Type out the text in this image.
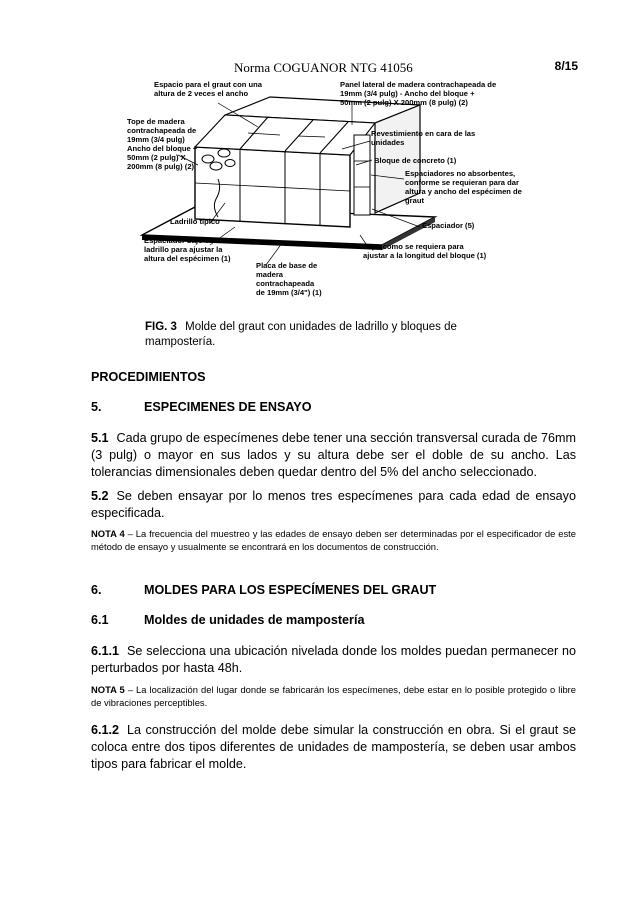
Norma COGUANOR NTG 41056	8/15
Espacio para el graut con una altura de 2 veces el ancho
Panel lateral de madera contrachapeada de 19mm (3/4 pulg) - Ancho del bloque + 50mm (2 pulg) X 200mm (8 pulg) (2)
Tope de madera contrachapeada de 19mm (3/4 pulg) Ancho del bloque + 50mm (2 pulg) X 200mm (8 pulg) (2)
Revestimiento en cara de las unidades
Bloque de concreto (1)
Espaciadores no absorbentes, conforme se requieran para dar altura y ancho del espécimen de graut
Ladrillo típico	Espaciador (5)
Espaciador bajo el ladrillo para ajustar la altura del espécimen (1)
Tope como se requiera para ajustar a la longitud del bloque (1)
Placa de base de madera contrachapeada de 19mm (3/4") (1)
FIG. 3 Molde del graut con unidades de ladrillo y bloques de mampostería.
PROCEDIMIENTOS
5.	ESPECIMENES DE ENSAYO
5.1 Cada grupo de especímenes debe tener una sección transversal curada de 76mm (3 pulg) o mayor en sus lados y su altura debe ser el doble de su ancho. Las tolerancias dimensionales deben quedar dentro del 5% del ancho seleccionado.
5.2 Se deben ensayar por lo menos tres especímenes para cada edad de ensayo especificada.
NOTA 4 – La frecuencia del muestreo y las edades de ensayo deben ser determinadas por el especificador de este método de ensayo y usualmente se encontrará en los documentos de construcción.
6.	MOLDES PARA LOS ESPECÍMENES DEL GRAUT
6.1	Moldes de unidades de mampostería
6.1.1 Se selecciona una ubicación nivelada donde los moldes puedan permanecer no perturbados por hasta 48h.
NOTA 5 – La localización del lugar donde se fabricarán los especímenes, debe estar en lo posible protegido o libre de vibraciones perceptibles.
6.1.2 La construcción del molde debe simular la construcción en obra. Si el graut se coloca entre dos tipos diferentes de unidades de mampostería, se deben usar ambos tipos para fabricar el molde.
